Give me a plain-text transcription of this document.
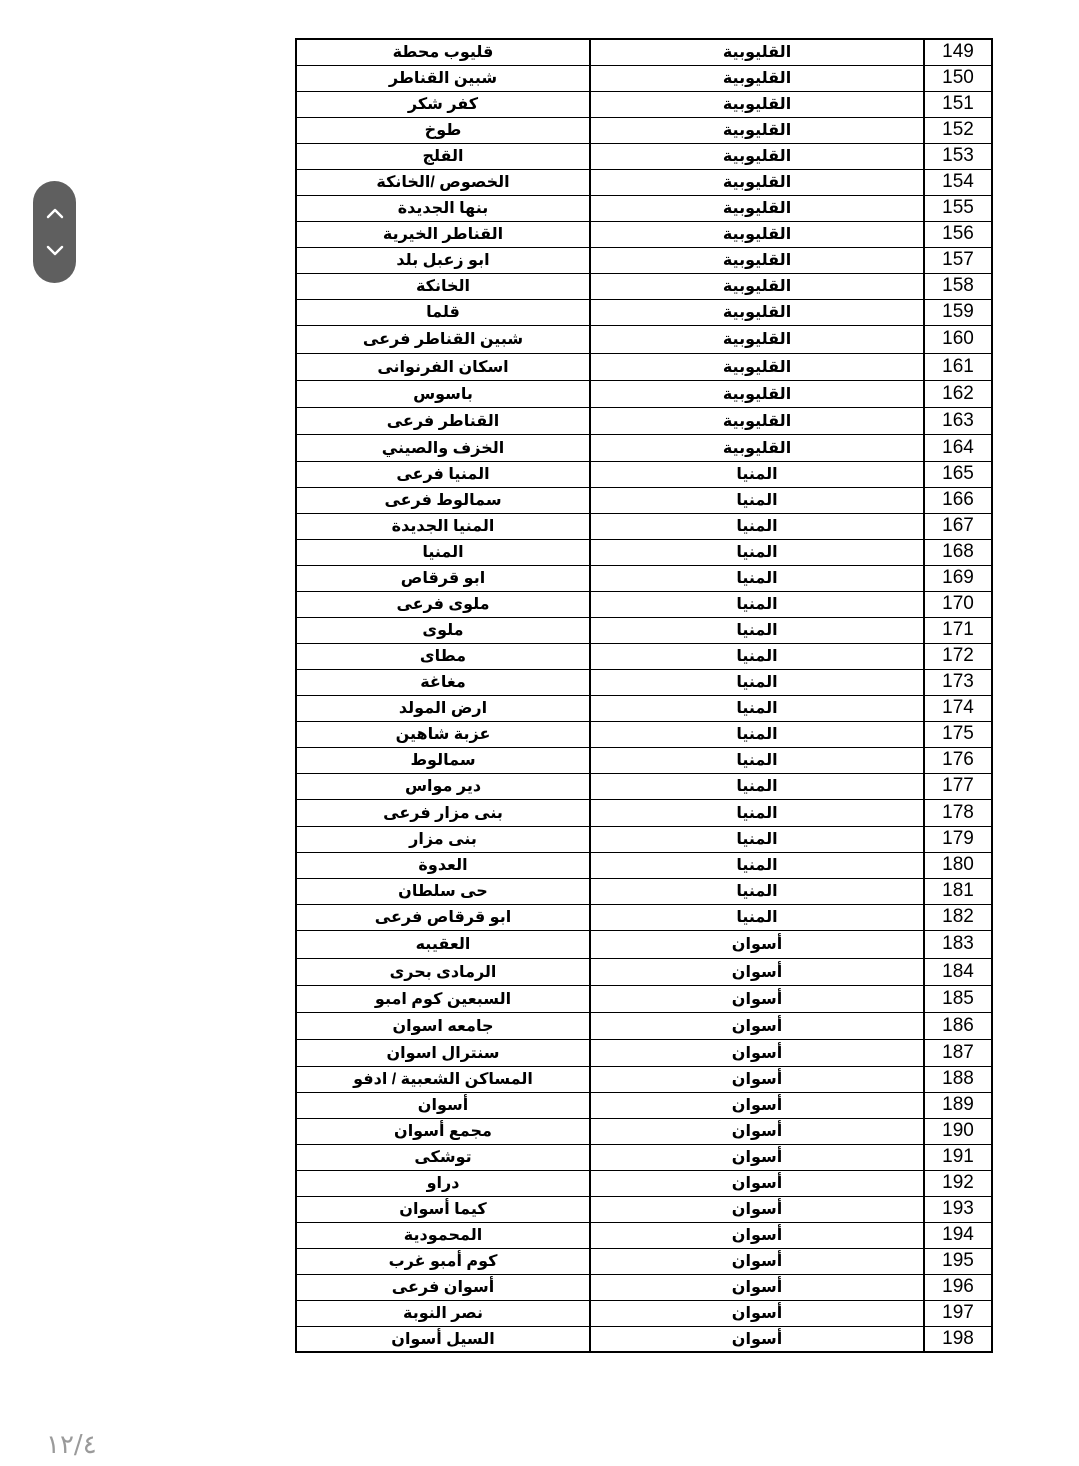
قليوب محطة	القليوبية	149
شبين القناطر	القليوبية	150
كفر شكر	القليوبية	151
طوخ	القليوبية	152
القلج	القليوبية	153
الخصوص /الخانكة	القليوبية	154
بنها الجديدة	القليوبية	155
القناطر الخيرية	القليوبية	156
ابو زعبل بلد	القليوبية	157
الخانكة	القليوبية	158
قلما	القليوبية	159
شبين القناطر فرعى	القليوبية	160
اسكان الفرنوانى	القليوبية	161
باسوس	القليوبية	162
القناطر فرعى	القليوبية	163
الخزف والصيني	القليوبية	164
المنيا فرعى	المنيا	165
سمالوط فرعى	المنيا	166
المنيا الجديدة	المنيا	167
المنيا	المنيا	168
ابو قرقاص	المنيا	169
ملوى فرعى	المنيا	170
ملوى	المنيا	171
مطاى	المنيا	172
مغاغة	المنيا	173
ارض المولد	المنيا	174
عزبة شاهين	المنيا	175
سمالوط	المنيا	176
دير مواس	المنيا	177
بنى مزار فرعى	المنيا	178
بنى مزار	المنيا	179
العدوة	المنيا	180
حى سلطان	المنيا	181
ابو قرقاص فرعى	المنيا	182
العقيبه	أسوان	183
الرمادى بحرى	أسوان	184
السبعين كوم امبو	أسوان	185
جامعه اسوان	أسوان	186
سنترال اسوان	أسوان	187
المساكن الشعبية / ادفو	أسوان	188
أسوان	أسوان	189
مجمع أسوان	أسوان	190
توشكى	أسوان	191
دراو	أسوان	192
كيما أسوان	أسوان	193
المحمودية	أسوان	194
كوم أمبو غرب	أسوان	195
أسوان فرعى	أسوان	196
نصر النوبة	أسوان	197
السيل أسوان	أسوان	198
١٢/٤
